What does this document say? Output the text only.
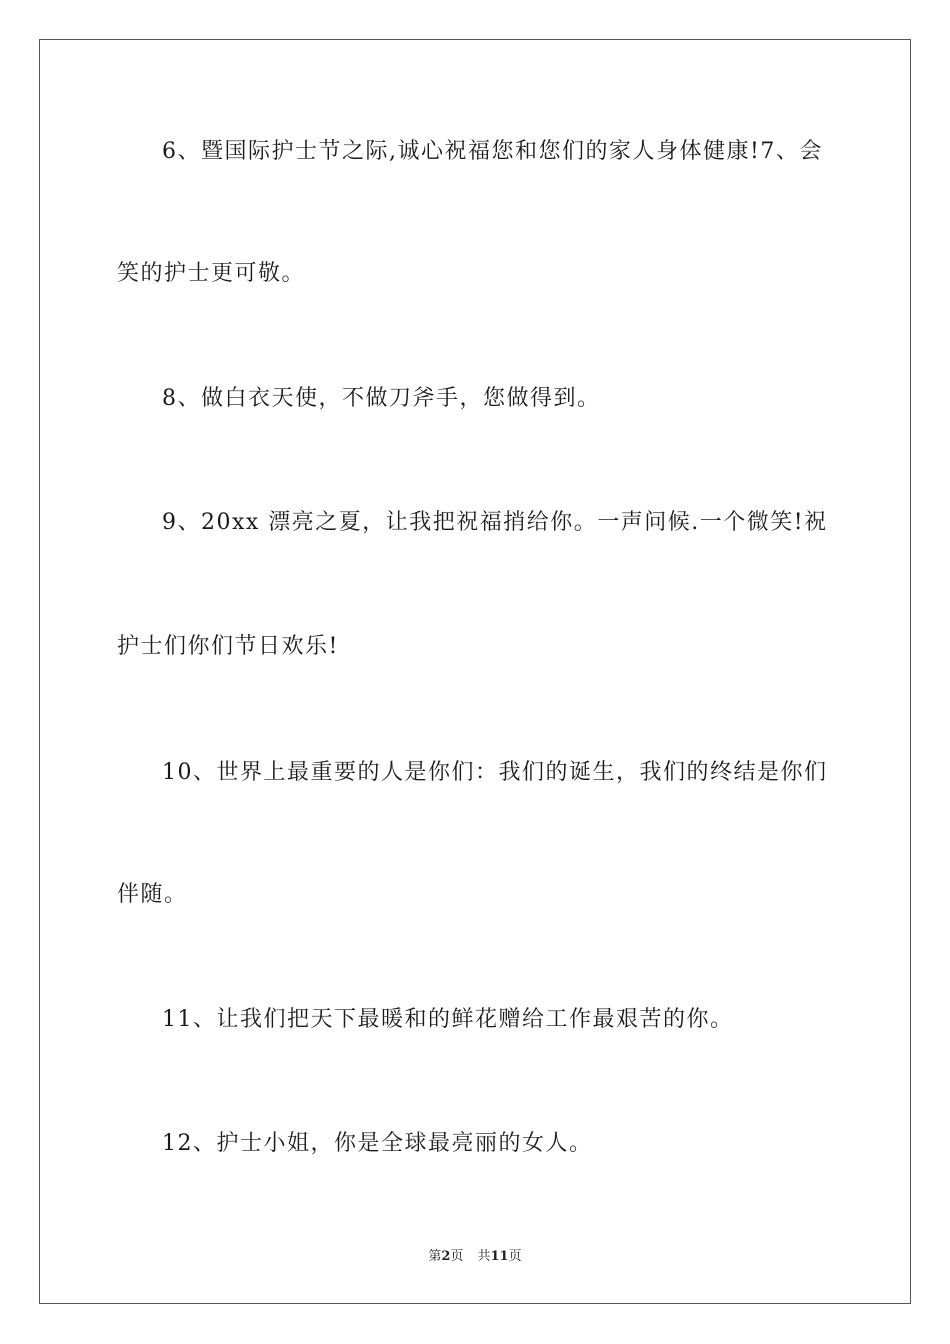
6、暨国际护士节之际,诚心祝福您和您们的家人身体健康!7、会
笑的护士更可敬。
8、做白衣天使，不做刀斧手，您做得到。
9、20xx 漂亮之夏，让我把祝福捎给你。一声问候.一个微笑!祝
护士们你们节日欢乐!
10、世界上最重要的人是你们：我们的诞生，我们的终结是你们
伴随。
11、让我们把天下最暖和的鲜花赠给工作最艰苦的你。
12、护士小姐，你是全球最亮丽的女人。
第2页 共11页
